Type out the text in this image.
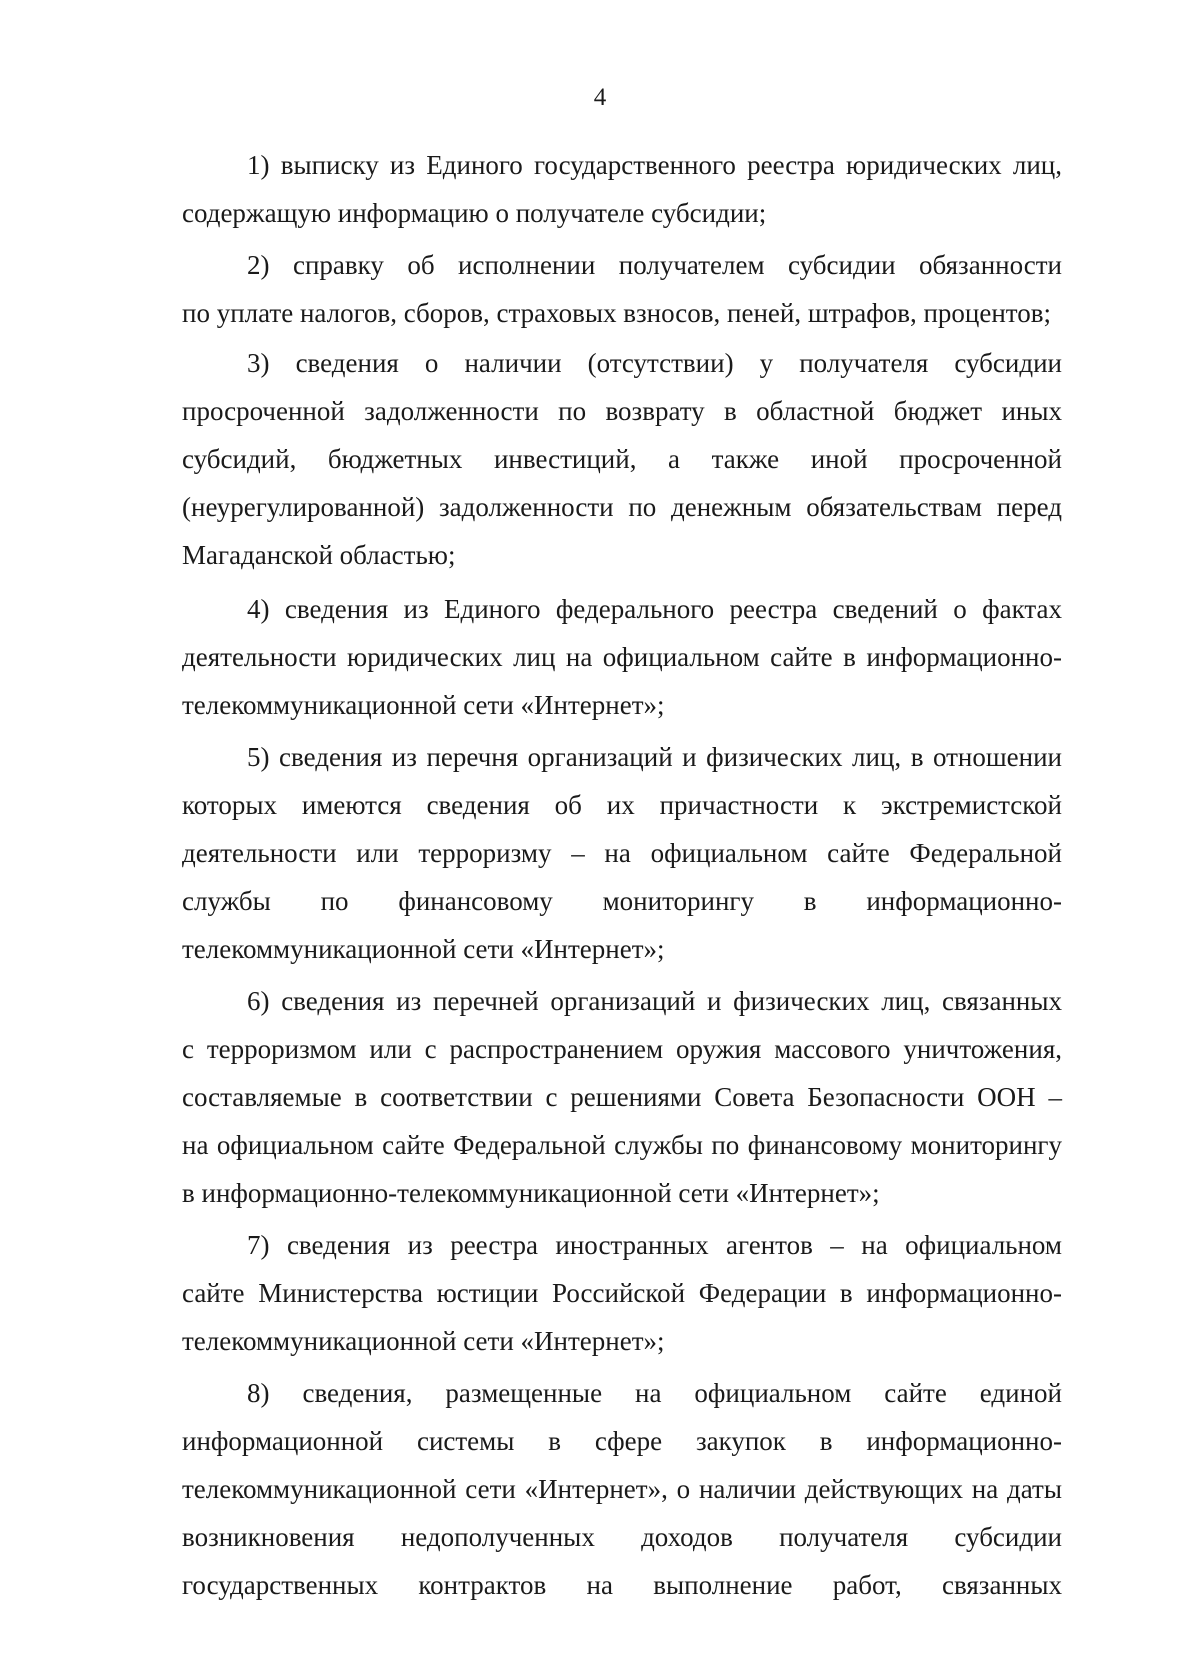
4

1) выписку из Единого государственного реестра юридических лиц,
содержащую информацию о получателе субсидии;

2) справку об исполнении получателем субсидии обязанности
по уплате налогов, сборов, страховых взносов, пеней, штрафов, процентов;

3) сведения о наличии (отсутствии) у получателя субсидии
просроченной задолженности по возврату в областной бюджет иных
субсидий, бюджетных инвестиций, а также иной просроченной
(неурегулированной) задолженности по денежным обязательствам перед
Магаданской областью;

4) сведения из Единого федерального реестра сведений о фактах
деятельности юридических лиц на официальном сайте в информационно-
телекоммуникационной сети «Интернет»;

5) сведения из перечня организаций и физических лиц, в отношении
которых имеются сведения об их причастности к экстремистской
деятельности или терроризму – на официальном сайте Федеральной
службы по финансовому мониторингу в информационно-
телекоммуникационной сети «Интернет»;

6) сведения из перечней организаций и физических лиц, связанных
с терроризмом или с распространением оружия массового уничтожения,
составляемые в соответствии с решениями Совета Безопасности ООН –
на официальном сайте Федеральной службы по финансовому мониторингу
в информационно-телекоммуникационной сети «Интернет»;

7) сведения из реестра иностранных агентов – на официальном
сайте Министерства юстиции Российской Федерации в информационно-
телекоммуникационной сети «Интернет»;

8) сведения, размещенные на официальном сайте единой
информационной системы в сфере закупок в информационно-
телекоммуникационной сети «Интернет», о наличии действующих на даты
возникновения недополученных доходов получателя субсидии
государственных контрактов на выполнение работ, связанных
